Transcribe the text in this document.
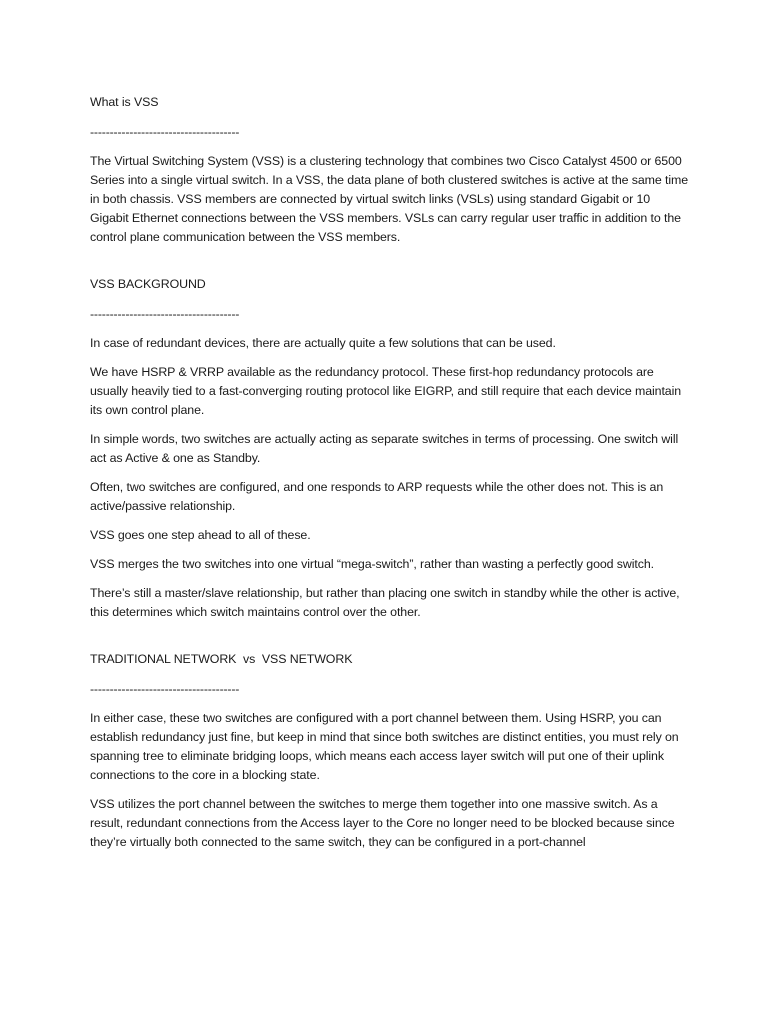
What is VSS
--------------------------------------

The Virtual Switching System (VSS) is a clustering technology that combines two Cisco Catalyst 4500 or 6500 Series into a single virtual switch. In a VSS, the data plane of both clustered switches is active at the same time in both chassis. VSS members are connected by virtual switch links (VSLs) using standard Gigabit or 10 Gigabit Ethernet connections between the VSS members. VSLs can carry regular user traffic in addition to the control plane communication between the VSS members.

VSS BACKGROUND
--------------------------------------

In case of redundant devices, there are actually quite a few solutions that can be used.

We have HSRP & VRRP available as the redundancy protocol. These first-hop redundancy protocols are usually heavily tied to a fast-converging routing protocol like EIGRP, and still require that each device maintain its own control plane.

In simple words, two switches are actually acting as separate switches in terms of processing. One switch will act as Active & one as Standby.

Often, two switches are configured, and one responds to ARP requests while the other does not. This is an active/passive relationship.

VSS goes one step ahead to all of these.

VSS merges the two switches into one virtual “mega-switch”, rather than wasting a perfectly good switch.

There’s still a master/slave relationship, but rather than placing one switch in standby while the other is active, this determines which switch maintains control over the other.

TRADITIONAL NETWORK  vs  VSS NETWORK
--------------------------------------

In either case, these two switches are configured with a port channel between them. Using HSRP, you can establish redundancy just fine, but keep in mind that since both switches are distinct entities, you must rely on spanning tree to eliminate bridging loops, which means each access layer switch will put one of their uplink connections to the core in a blocking state.

VSS utilizes the port channel between the switches to merge them together into one massive switch. As a result, redundant connections from the Access layer to the Core no longer need to be blocked because since they’re virtually both connected to the same switch, they can be configured in a port-channel
